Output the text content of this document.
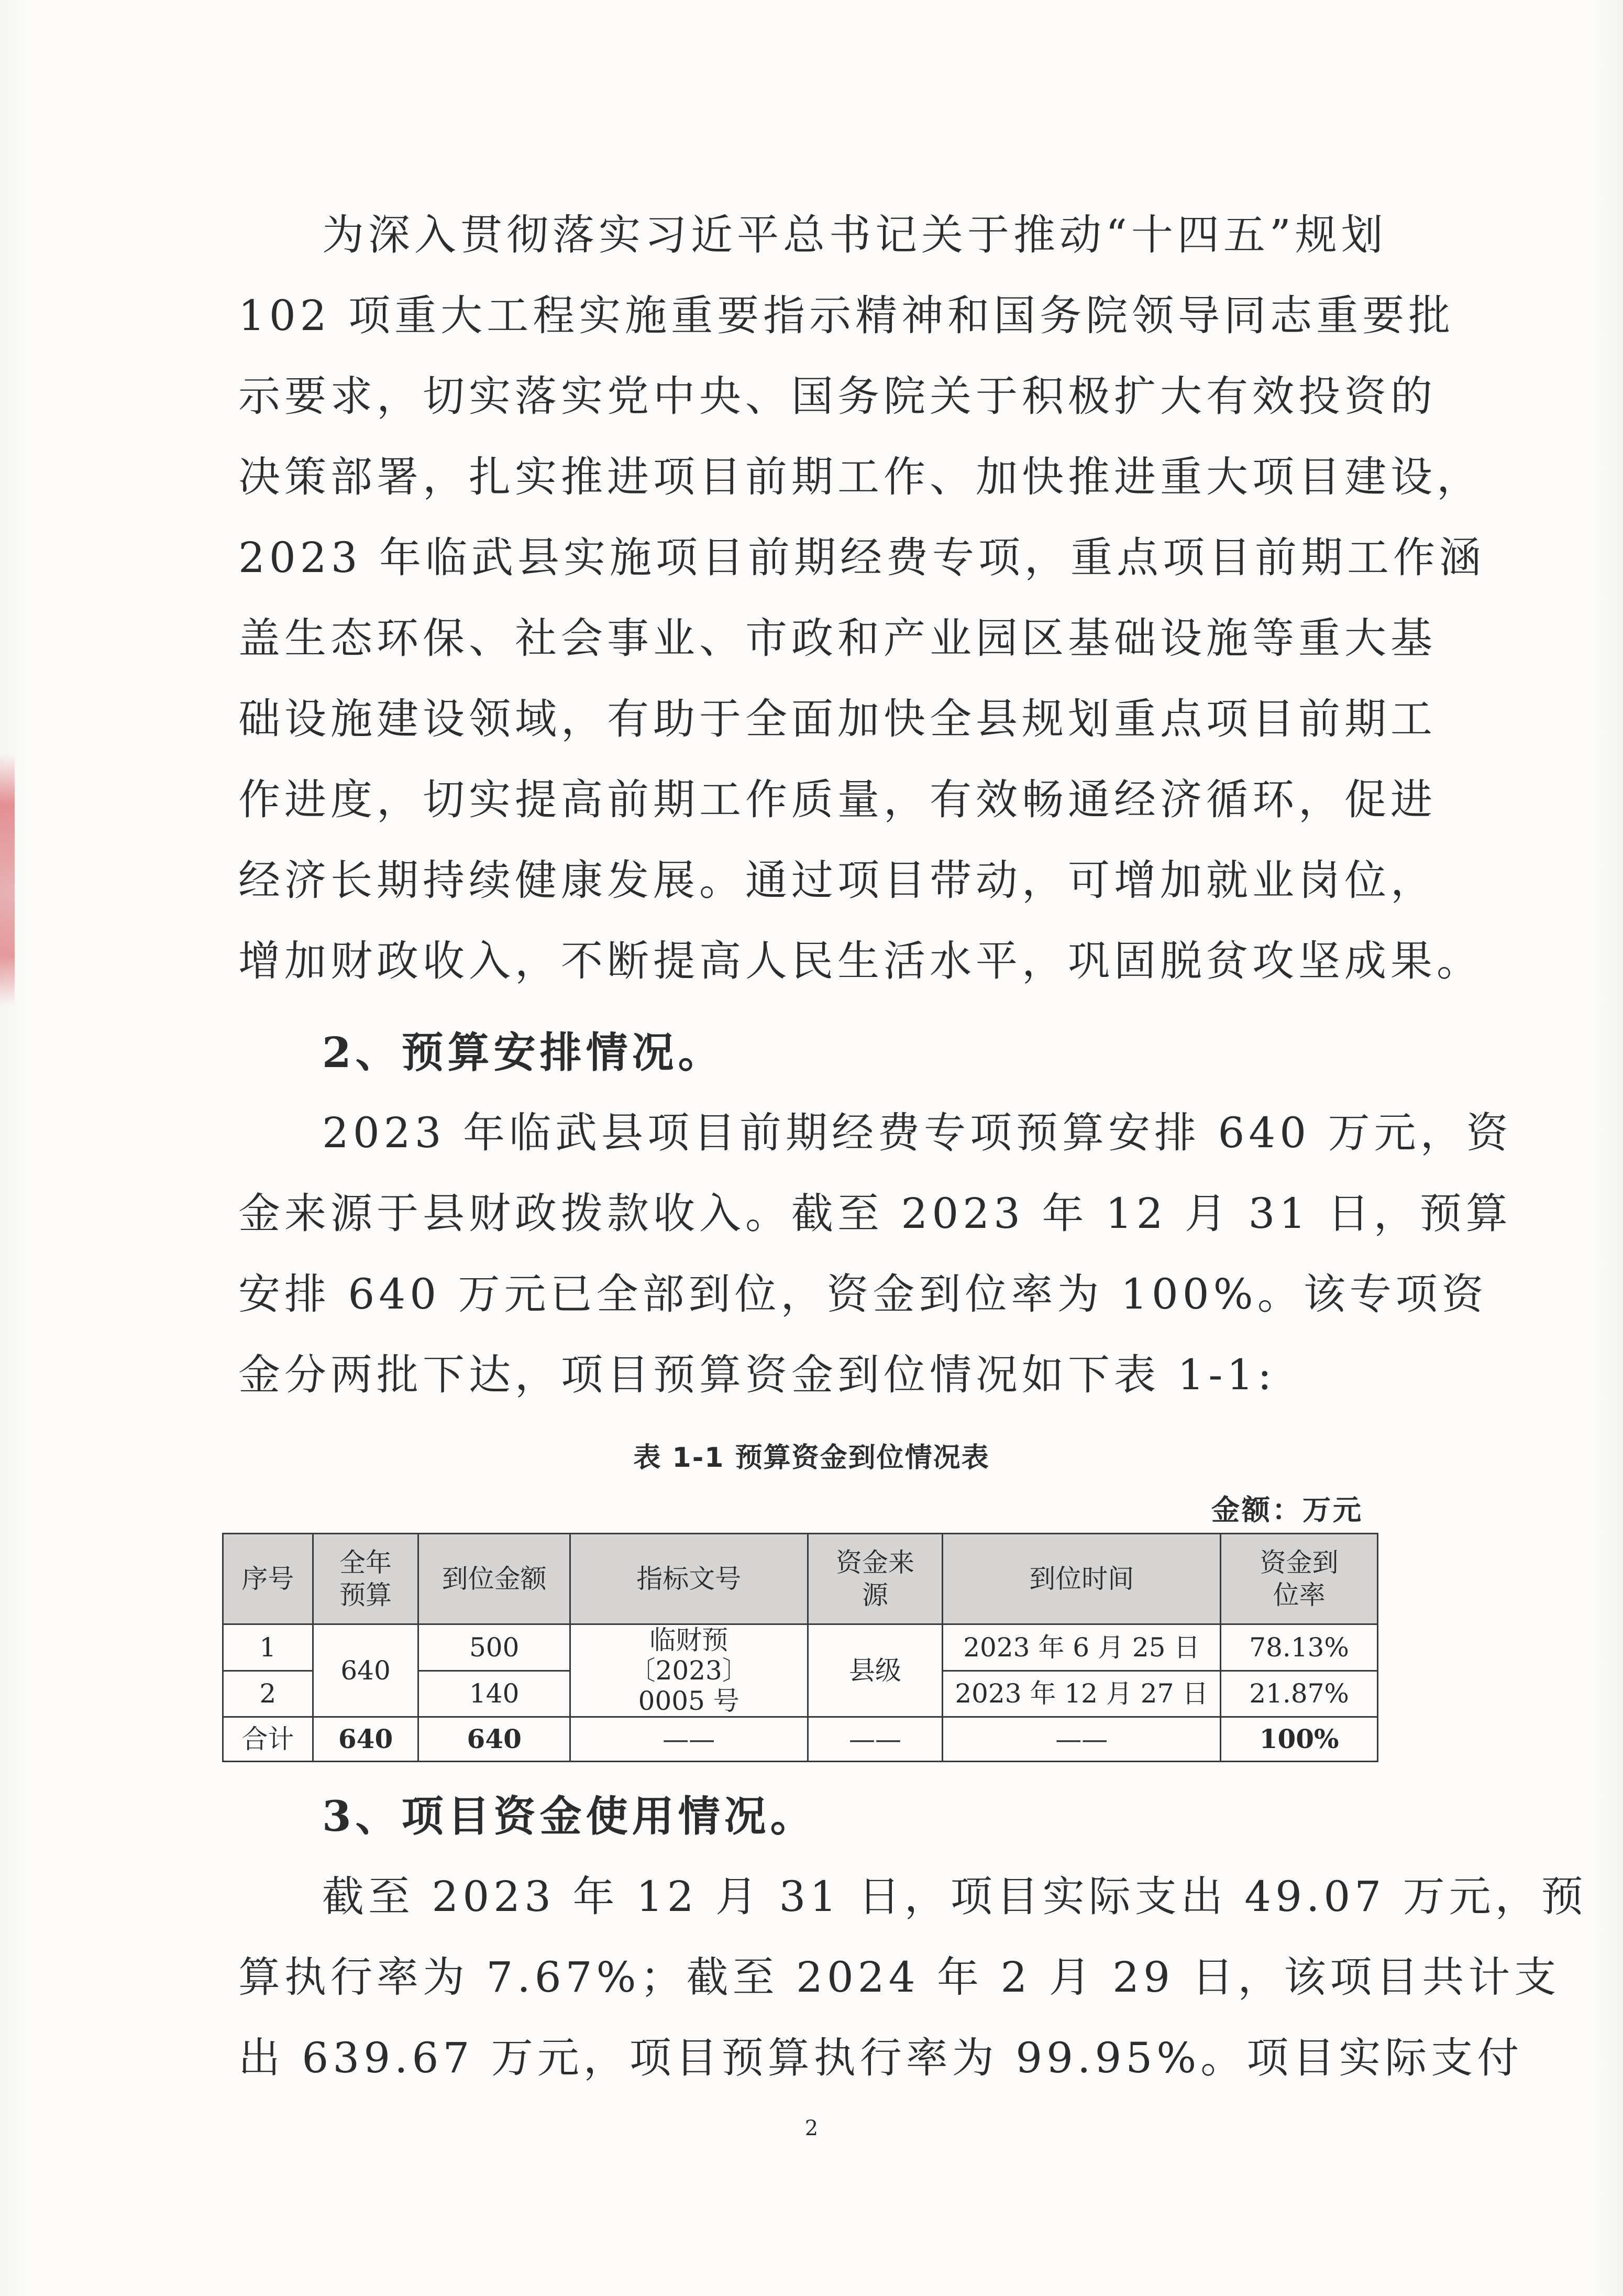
为深入贯彻落实习近平总书记关于推动“十四五”规划
102 项重大工程实施重要指示精神和国务院领导同志重要批
示要求，切实落实党中央、国务院关于积极扩大有效投资的
决策部署，扎实推进项目前期工作、加快推进重大项目建设，
2023 年临武县实施项目前期经费专项，重点项目前期工作涵
盖生态环保、社会事业、市政和产业园区基础设施等重大基
础设施建设领域，有助于全面加快全县规划重点项目前期工
作进度，切实提高前期工作质量，有效畅通经济循环，促进
经济长期持续健康发展。通过项目带动，可增加就业岗位，
增加财政收入，不断提高人民生活水平，巩固脱贫攻坚成果。
2、预算安排情况。
2023 年临武县项目前期经费专项预算安排 640 万元，资
金来源于县财政拨款收入。截至 2023 年 12 月 31 日，预算
安排 640 万元已全部到位，资金到位率为 100%。该专项资
金分两批下达，项目预算资金到位情况如下表 1-1:
表 1-1 预算资金到位情况表
金额：万元
序号	全年预算	到位金额	指标文号	资金来源	到位时间	资金到位率
1	640	500	临财预〔2023〕0005 号	县级	2023 年 6 月 25 日	78.13%
2		140			2023 年 12 月 27 日	21.87%
合计	640	640	——	——	——	100%
3、项目资金使用情况。
截至 2023 年 12 月 31 日，项目实际支出 49.07 万元，预
算执行率为 7.67%；截至 2024 年 2 月 29 日，该项目共计支
出 639.67 万元，项目预算执行率为 99.95%。项目实际支付
2
